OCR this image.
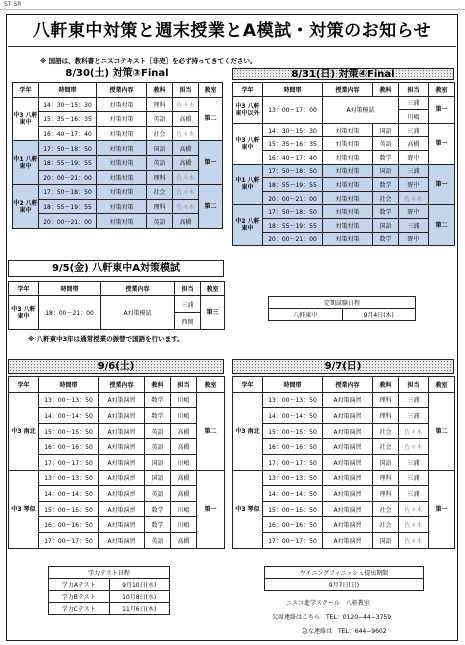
ST SR
八軒東中対策と週末授業とA模試・対策のお知らせ
※ 国語は、教科書とニスコテキスト［非売］を必ず持ってきてください。
8/30(土) 対策③Final
学年	時間帯	授業内容	教科	担当	教室
中3 八軒東中	14：30〜15：30	対策対策	理科	佐々木	第二
	15：35〜16：35	対策対策	英語	高橋	
	16：40〜17：40	対策対策	社会	佐々木	
中1 八軒東中	17：50〜18：50	対策対策	国語	高橋	第一
	18：55〜19：55	対策対策	英語	高橋	
	20：00〜21：00	対策対策	理科	佐々木	
中2 八軒東中	17：50〜18：50	対策対策	社会	佐々木	第二
	18：55〜19：55	対策対策	理科	佐々木	
	20：00〜21：00	対策対策	英語	高橋	
8/31(日) 対策④Final
学年	時間帯	授業内容	教科	担当	教室
中3 八軒東中以外	13：00〜17：00	A対策模試		三浦	第一
				川嶋	
中3 八軒東中	14：30〜15：30	対策対策	国語	三浦	第一
	15：35〜16：35	対策対策	英語	高橋	
	16：40〜17：40	対策対策	数学	野中	
中1 八軒東中	17：50〜18：50	対策対策	国語	三浦	第一
	18：55〜19：55	対策対策	数学	野中	
	20：00〜21：00	対策対策	社会	佐々木	
中2 八軒東中	17：50〜18：50	対策対策	数学	野中	第二
	18：55〜19：55	対策対策	国語	三浦	
	20：00〜21：00	対策対策	数学	野中	
9/5(金) 八軒東中A対策模試
学年	時間帯	授業内容	担当	教室
中3 八軒東中	18：00〜21：00	A対策模試	三浦	第三
			西岡	
定期試験日程
八軒東中	9月4日(木)
※ 八軒東中3年は通常授業の振替で国語を行います。
9/6(土)
学年	時間帯	授業内容	教科	担当	教室
中3 南北	13：00〜13：50	A対策演習	数学	川嶋	第二
	14：00〜14：50	A対策演習	数学	川嶋	
	15：00〜15：50	A対策演習	英語	高橋	
	16：00〜16：50	A対策演習	英語	高橋	
	17：00〜17：50	A対策演習	国語	川嶋	
中3 琴似	13：00〜13：50	A対策演習	国語	高橋	第一
	14：00〜14：50	A対策演習	英語	高橋	
	15：00〜15：50	A対策演習	数学	川嶋	
	16：00〜16：50	A対策演習	数学	川嶋	
	17：00〜17：50	A対策演習	英語	高橋	
9/7(日)
学年	時間帯	授業内容	教科	担当	教室
中3 南北	13：00〜13：50	A対策演習	理科	三浦	第二
	14：00〜14：50	A対策演習	理科	三浦	
	15：00〜15：50	A対策演習	社会	佐々木	
	16：00〜16：50	A対策演習	社会	佐々木	
	17：00〜17：50	A対策演習	国語	三浦	
中3 琴似	13：00〜13：50	A対策演習	理科	三浦	第一
	14：00〜14：50	A対策演習	理科	三浦	
	15：00〜15：50	A対策演習	社会	佐々木	
	16：00〜16：50	A対策演習	社会	佐々木	
	17：00〜17：50	A対策演習	国語	佐々木	
学力テスト日程	
学力Aテスト	9月10日(水)
学力Bテスト	10月8日(水)
学力Cテスト	11月6日(木)
ウイニングフィニッシュ提出期限
9月7日(日)
ニスコ進学スクール　八軒教室
欠席連絡はこちら　TEL：0120−44−3759
急な連絡は　TEL：644−9602
